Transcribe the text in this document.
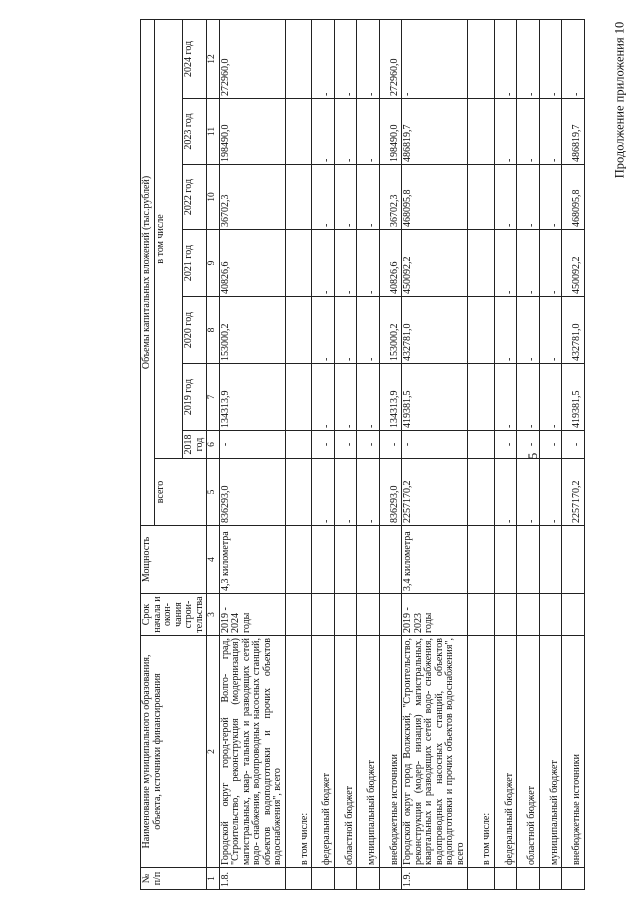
5
Продолжение приложения 10
№ п/п	Наименование муниципального образования, объекта, источники финансирования	Срок начала и окон- чания строи- тельства	Мощность	Объемы капитальных вложений (тыс.рублей)							
				всего	в том числе						
					2018 год	2019 год	2020 год	2021 год	2022 год	2023 год	2024 год
1	2	3	4	5	6	7	8	9	10	11	12
1.8.	Городской округ город-герой Волго- град, "Строительство, реконструкция (модернизация) магистральных, квар- тальных и разводящих сетей водо- снабжения, водопроводных насосных станций, объектов водоподготовки и прочих объектов водоснабжения", всего	2019 - 2024 годы	4,3 километра	836293,0	-	134313,9	153000,2	40826,6	36702,3	198490,0	272960,0
	в том числе:										
	федеральный бюджет			-	-	-	-	-	-	-	-
	областной бюджет			-	-	-	-	-	-	-	-
	муниципальный бюджет			-	-	-	-	-	-	-	-
	внебюджетные источники			836293,0	-	134313,9	153000,2	40826,6	36702,3	198490,0	272960,0
1.9.	Городской округ город Волжский, "Строительство, реконструкция (модер- низация) магистральных, квартальных и разводящих сетей водо- снабжения, водопроводных насосных станций, объектов водоподготовки и прочих объектов водоснабжения", всего	2019 - 2023 годы	3,4 километра	2257170,2	-	419381,5	432781,0	450092,2	468095,8	486819,7	-
	в том числе:										
	федеральный бюджет			-	-	-	-	-	-	-	-
	областной бюджет			-	-	-	-	-	-	-	-
	муниципальный бюджет			-	-	-	-	-	-	-	-
	внебюджетные источники			2257170,2	-	419381,5	432781,0	450092,2	468095,8	486819,7	-
